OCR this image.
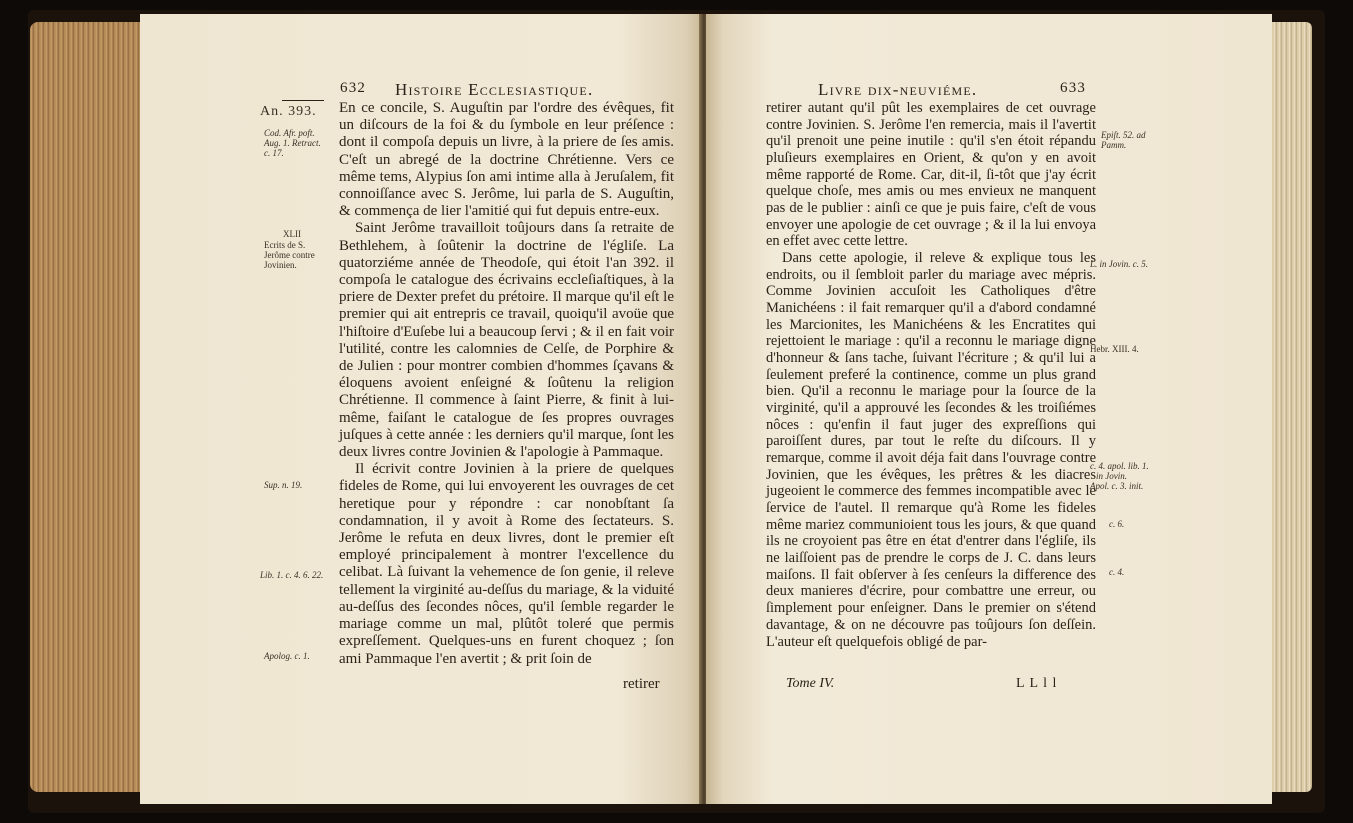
632 Histoire Ecclesiastique.
An. 393.
Cod. Afr. poft.
Aug. 1. Retract.
c. 17.
XLII
Ecrits de S.
Jerôme contre
Jovinien.
Sup. n. 19.
Lib. 1. c. 4. 6. 22.
Apolog. c. 1.

En ce concile, S. Auguſtin par l'ordre des évêques, fit un diſcours de la foi & du ſymbole en leur préſence : dont il compoſa depuis un livre, à la priere de ſes amis. C'eſt un abregé de la doctrine Chrétienne. Vers ce même tems, Alypius ſon ami intime alla à Jeruſalem, fit connoiſſance avec S. Jerôme, lui parla de S. Auguſtin, & commença de lier l'amitié qui fut depuis entre-eux.

Saint Jerôme travailloit toûjours dans ſa retraite de Bethlehem, à ſoûtenir la doctrine de l'égliſe. La quatorziéme année de Theodoſe, qui étoit l'an 392. il compoſa le catalogue des écrivains eccleſiaſtiques, à la priere de Dexter prefet du prétoire. Il marque qu'il eſt le premier qui ait entrepris ce travail, quoiqu'il avoüe que l'hiſtoire d'Euſebe lui a beaucoup ſervi ; & il en fait voir l'utilité, contre les calomnies de Celſe, de Porphire & de Julien : pour montrer combien d'hommes ſçavans & éloquens avoient enſeigné & ſoûtenu la religion Chrétienne. Il commence à ſaint Pierre, & finit à lui-même, faiſant le catalogue de ſes propres ouvrages juſques à cette année : les derniers qu'il marque, ſont les deux livres contre Jovinien & l'apologie à Pammaque.

Il écrivit contre Jovinien à la priere de quelques fideles de Rome, qui lui envoyerent les ouvrages de cet heretique pour y répondre : car nonobſtant ſa condamnation, il y avoit à Rome des ſectateurs. S. Jerôme le refuta en deux livres, dont le premier eſt employé principalement à montrer l'excellence du celibat. Là ſuivant la vehemence de ſon genie, il releve tellement la virginité au-deſſus du mariage, & la viduité au-deſſus des ſecondes nôces, qu'il ſemble regarder le mariage comme un mal, plûtôt toleré que permis expreſſement. Quelques-uns en furent choquez ; ſon ami Pammaque l'en avertit ; & prit ſoin de

retirer
Livre dix-neuviéme.	633

retirer autant qu'il pût les exemplaires de cet ouvrage contre Jovinien. S. Jerôme l'en remercia, mais il l'avertit qu'il prenoit une peine inutile : qu'il s'en étoit répandu pluſieurs exemplaires en Orient, & qu'on y en avoit même rapporté de Rome. Car, dit-il, ſi-tôt que j'ay écrit quelque choſe, mes amis ou mes envieux ne manquent pas de le publier : ainſi ce que je puis faire, c'eſt de vous envoyer une apologie de cet ouvrage ; & il la lui envoya en effet avec cette lettre.

Dans cette apologie, il releve & explique tous les endroits, ou il ſembloit parler du mariage avec mépris. Comme Jovinien accuſoit les Catholiques d'être Manichéens : il fait remarquer qu'il a d'abord condamné les Marcionites, les Manichéens & les Encratites qui rejettoient le mariage : qu'il a reconnu le mariage digne d'honneur & ſans tache, ſuivant l'écriture ; & qu'il lui a ſeulement preferé la continence, comme un plus grand bien. Qu'il a reconnu le mariage pour la ſource de la virginité, qu'il a approuvé les ſecondes & les troiſiémes nôces : qu'enfin il faut juger des expreſſions qui paroiſſent dures, par tout le reſte du diſcours. Il y remarque, comme il avoit déja fait dans l'ouvrage contre Jovinien, que les évêques, les prêtres & les diacres jugeoient le commerce des femmes incompatible avec le ſervice de l'autel. Il remarque qu'à Rome les fideles même mariez communioient tous les jours, & que quand ils ne croyoient pas être en état d'entrer dans l'égliſe, ils ne laiſſoient pas de prendre le corps de J. C. dans leurs maiſons. Il fait obſerver à ſes cenſeurs la difference des deux manieres d'écrire, pour combattre une erreur, ou ſimplement pour enſeigner. Dans le premier on s'étend davantage, & on ne découvre pas toûjours ſon deſſein. L'auteur eſt quelquefois obligé de par-

Epiſt. 52. ad
Pamm.
L. in Jovin. c. 5.
Hebr. XIII. 4.
c. 4. apol. lib. 1.
in Jovin.
Apol. c. 3. init.
c. 6.
c. 4.
Tome IV.	L L l l
